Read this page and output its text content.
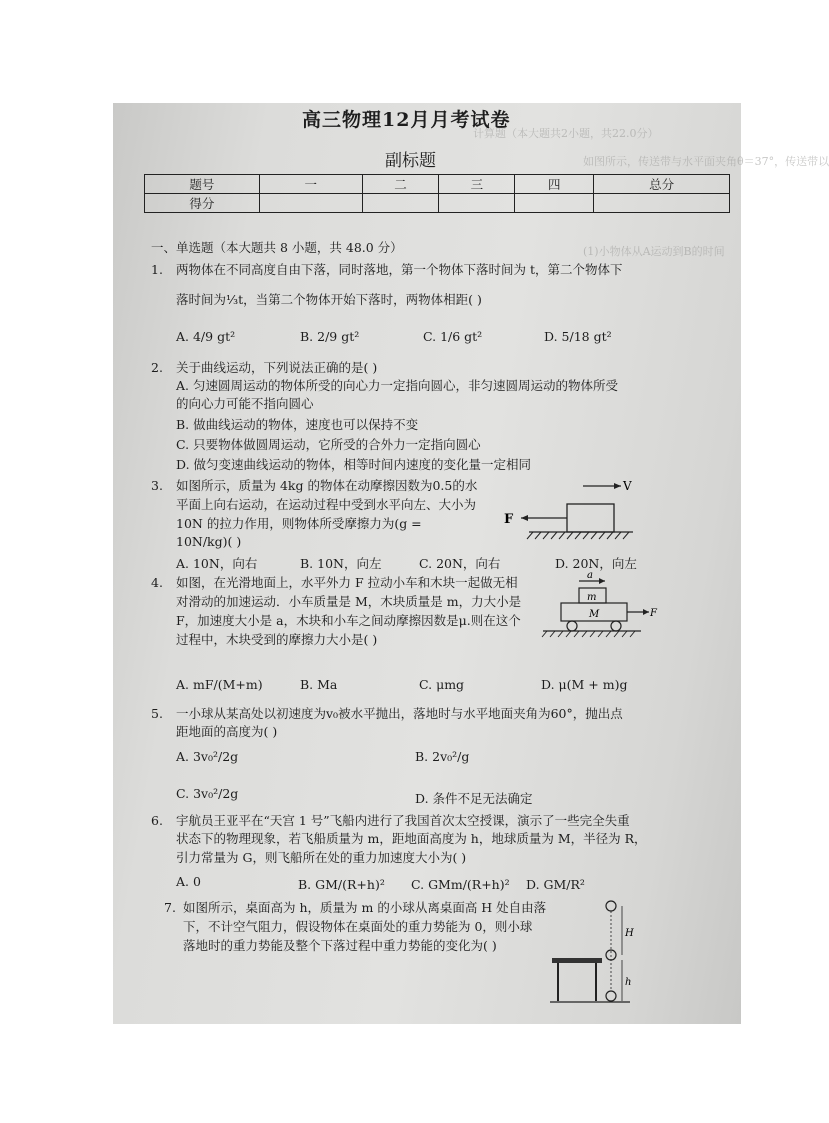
计算题（本大题共2小题，共22.0分）
如图所示，传送带与水平面夹角θ＝37°，传送带以
(1)小物体从A运动到B的时间
高三物理12月月考试卷
副标题
题号	一	二	三	四	总分
得分					
一、单选题（本大题共 8 小题，共 48.0 分）
1. 两物体在不同高度自由下落，同时落地，第一个物体下落时间为 t，第二个物体下
落时间为⅓t，当第二个物体开始下落时，两物体相距( )
A. 4/9 gt²	B. 2/9 gt²	C. 1/6 gt²	D. 5/18 gt²
2. 关于曲线运动，下列说法正确的是( )
A. 匀速圆周运动的物体所受的向心力一定指向圆心，非匀速圆周运动的物体所受
的向心力可能不指向圆心
B. 做曲线运动的物体，速度也可以保持不变
C. 只要物体做圆周运动，它所受的合外力一定指向圆心
D. 做匀变速曲线运动的物体，相等时间内速度的变化量一定相同
3. 如图所示，质量为 4kg 的物体在动摩擦因数为0.5的水
平面上向右运动，在运动过程中受到水平向左、大小为
10N 的拉力作用，则物体所受摩擦力为(g =
10N/kg)( )
A. 10N，向右	B. 10N，向左	C. 20N，向右	D. 20N，向左
F
V
4. 如图，在光滑地面上，水平外力 F 拉动小车和木块一起做无相
对滑动的加速运动．小车质量是 M，木块质量是 m，力大小是
F，加速度大小是 a，木块和小车之间动摩擦因数是μ.则在这个
过程中，木块受到的摩擦力大小是( )
A. mF/(M+m)	B. Ma	C. μmg	D. μ(M + m)g
a
m
M	F
5. 一小球从某高处以初速度为v₀被水平抛出，落地时与水平地面夹角为60°，抛出点
距地面的高度为( )
A. 3v₀²/2g	B. 2v₀²/g
C. 3v₀²/2g	D. 条件不足无法确定
6. 宇航员王亚平在“天宫 1 号”飞船内进行了我国首次太空授课，演示了一些完全失重
状态下的物理现象，若飞船质量为 m，距地面高度为 h，地球质量为 M，半径为 R，
引力常量为 G，则飞船所在处的重力加速度大小为( )
A. 0	B. GM/(R+h)² C. GMm/(R+h)² D. GM/R²
7. 如图所示，桌面高为 h，质量为 m 的小球从离桌面高 H 处自由落
下，不计空气阻力，假设物体在桌面处的重力势能为 0，则小球
落地时的重力势能及整个下落过程中重力势能的变化为( )
H
h
